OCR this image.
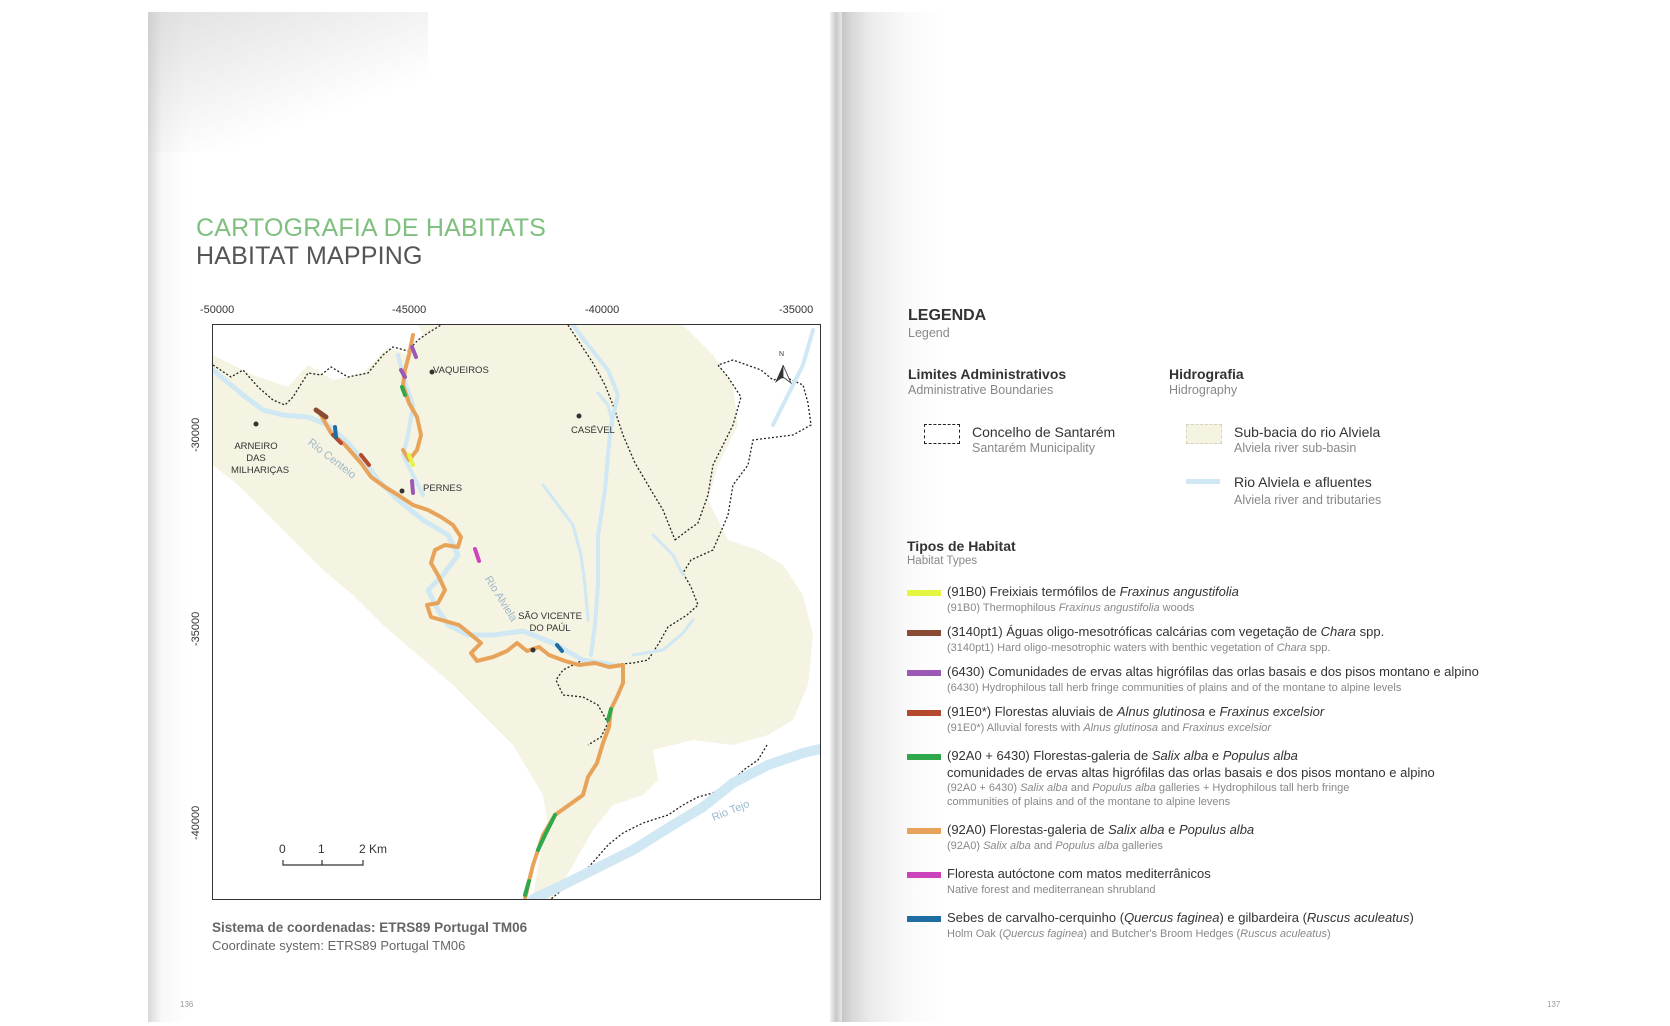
CARTOGRAFIA DE HABITATS
HABITAT MAPPING
-50000	-45000	-40000	-35000
-30000
-35000
-40000
VAQUEIROS
CASÉVEL
ARNEIRO
DAS
MILHARIÇAS
PERNES
SÃO VICENTE
DO PAÚL
Rio Centeio
Rio Alviela
Rio Tejo
N
0	1	2 Km
Sistema de coordenadas: ETRS89 Portugal TM06
Coordinate system: ETRS89 Portugal TM06
136	137
LEGENDA
Legend
Limites Administrativos
Administrative Boundaries
Hidrografia
Hidrography
Concelho de Santarém
Santarém Municipality
Sub-bacia do rio Alviela
Alviela river sub-basin
Rio Alviela e afluentes
Alviela river and tributaries
Tipos de Habitat
Habitat Types
(91B0) Freixiais termófilos de Fraxinus angustifolia
(91B0) Thermophilous Fraxinus angustifolia woods
(3140pt1) Águas oligo-mesotróficas calcárias com vegetação de Chara spp.
(3140pt1) Hard oligo-mesotrophic waters with benthic vegetation of Chara spp.
(6430) Comunidades de ervas altas higrófilas das orlas basais e dos pisos montano e alpino
(6430) Hydrophilous tall herb fringe communities of plains and of the montane to alpine levels
(91E0*) Florestas aluviais de Alnus glutinosa e Fraxinus excelsior
(91E0*) Alluvial forests with Alnus glutinosa and Fraxinus excelsior
(92A0 + 6430) Florestas-galeria de Salix alba e Populus alba
comunidades de ervas altas higrófilas das orlas basais e dos pisos montano e alpino
(92A0 + 6430) Salix alba and Populus alba galleries + Hydrophilous tall herb fringe
communities of plains and of the montane to alpine levens
(92A0) Florestas-galeria de Salix alba e Populus alba
(92A0) Salix alba and Populus alba galleries
Floresta autóctone com matos mediterrânicos
Native forest and mediterranean shrubland
Sebes de carvalho-cerquinho (Quercus faginea) e gilbardeira (Ruscus aculeatus)
Holm Oak (Quercus faginea) and Butcher's Broom Hedges (Ruscus aculeatus)
